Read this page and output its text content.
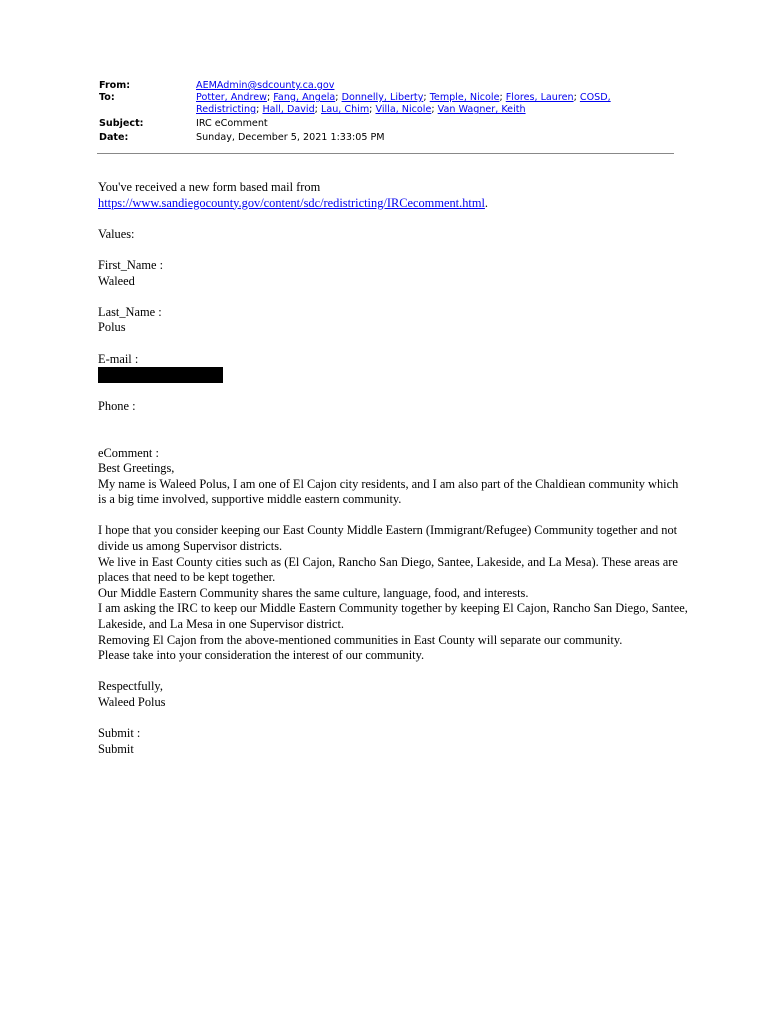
From:	AEMAdmin@sdcounty.ca.gov
To:	Potter, Andrew; Fang, Angela; Donnelly, Liberty; Temple, Nicole; Flores, Lauren; COSD, Redistricting; Hall, David; Lau, Chim; Villa, Nicole; Van Wagner, Keith
Subject:	IRC eComment
Date:	Sunday, December 5, 2021 1:33:05 PM

You've received a new form based mail from

https://www.sandiegocounty.gov/content/sdc/redistricting/IRCecomment.html.

Values:

First_Name :

Waleed

Last_Name :

Polus

E-mail :

Phone :

eComment :

Best Greetings,

My name is Waleed Polus, I am one of El Cajon city residents, and I am also part of the Chaldiean community which is a big time involved, supportive middle eastern community.

I hope that you consider keeping our East County Middle Eastern (Immigrant/Refugee) Community together and not divide us among Supervisor districts.

We live in East County cities such as (El Cajon, Rancho San Diego, Santee, Lakeside, and La Mesa). These areas are places that need to be kept together.

Our Middle Eastern Community shares the same culture, language, food, and interests.

I am asking the IRC to keep our Middle Eastern Community together by keeping El Cajon, Rancho San Diego, Santee, Lakeside, and La Mesa in one Supervisor district.

Removing El Cajon from the above-mentioned communities in East County will separate our community.

Please take into your consideration the interest of our community.

Respectfully,

Waleed Polus

Submit :

Submit
